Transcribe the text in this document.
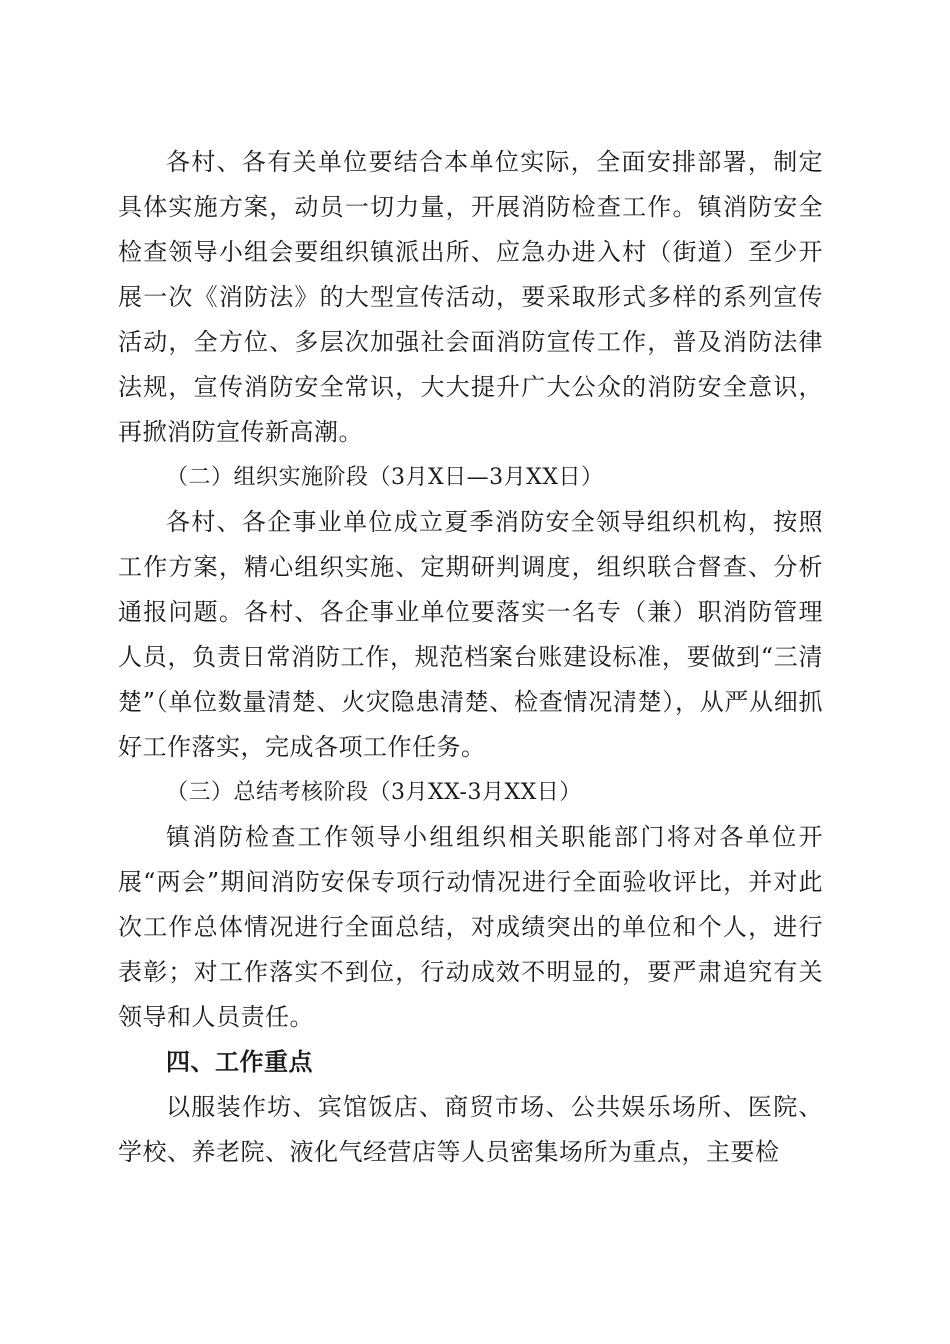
各村、各有关单位要结合本单位实际，全面安排部署，制定具体实施方案，动员一切力量，开展消防检查工作。镇消防安全检查领导小组会要组织镇派出所、应急办进入村（街道）至少开展一次《消防法》的大型宣传活动，要采取形式多样的系列宣传活动，全方位、多层次加强社会面消防宣传工作，普及消防法律法规，宣传消防安全常识，大大提升广大公众的消防安全意识，再掀消防宣传新高潮。

（二）组织实施阶段（3月X日—3月XX日）

各村、各企事业单位成立夏季消防安全领导组织机构，按照工作方案，精心组织实施、定期研判调度，组织联合督查、分析通报问题。各村、各企事业单位要落实一名专（兼）职消防管理人员，负责日常消防工作，规范档案台账建设标准，要做到“三清楚”（单位数量清楚、火灾隐患清楚、检查情况清楚），从严从细抓好工作落实，完成各项工作任务。

（三）总结考核阶段（3月XX-3月XX日）

镇消防检查工作领导小组组织相关职能部门将对各单位开展“两会”期间消防安保专项行动情况进行全面验收评比，并对此次工作总体情况进行全面总结，对成绩突出的单位和个人，进行表彰；对工作落实不到位，行动成效不明显的，要严肃追究有关领导和人员责任。

四、工作重点

以服装作坊、宾馆饭店、商贸市场、公共娱乐场所、医院、学校、养老院、液化气经营店等人员密集场所为重点，主要检
